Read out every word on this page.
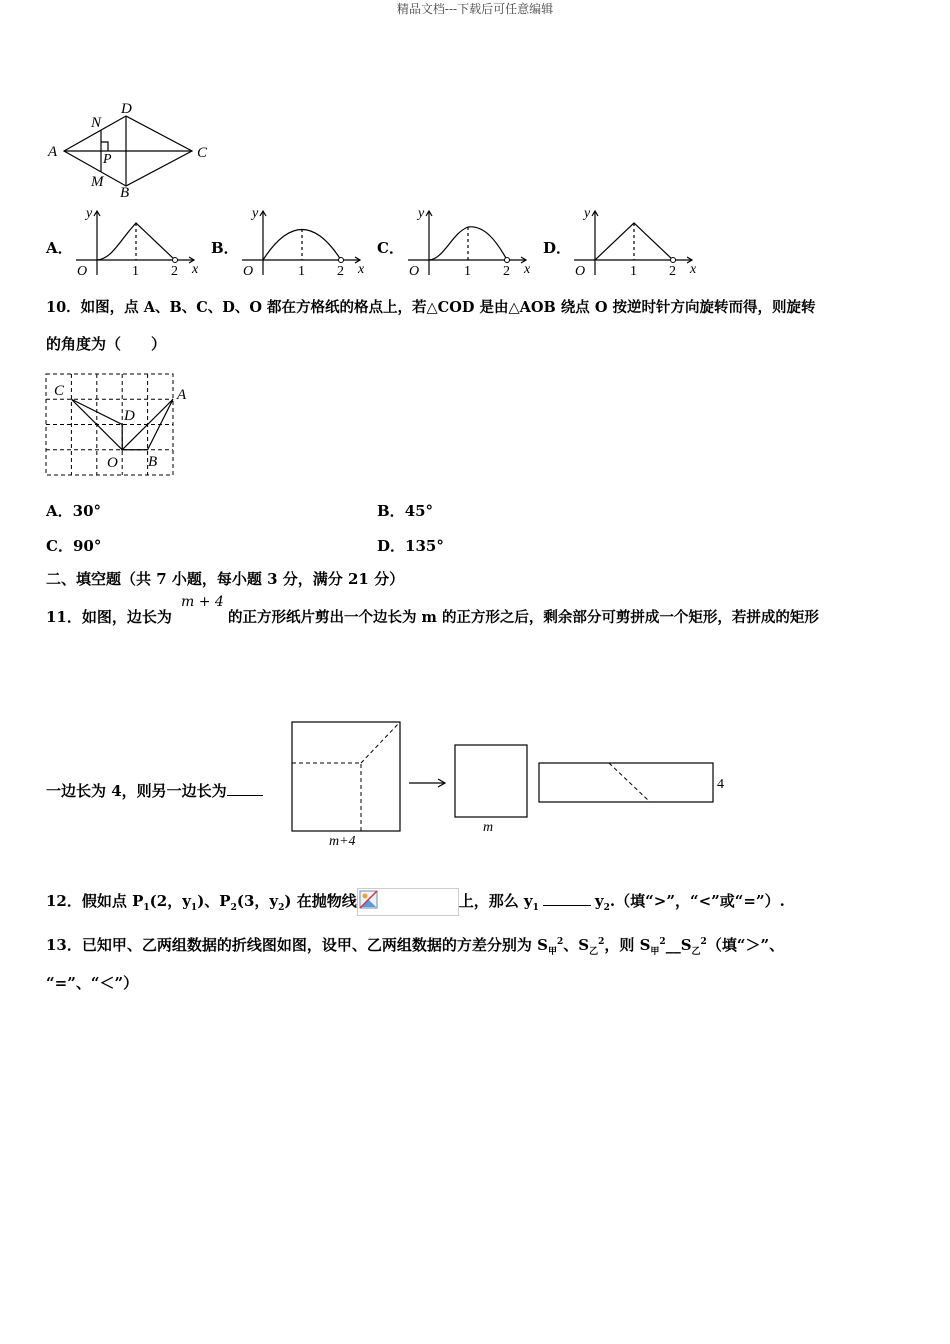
精品文档---下载后可任意编辑
A
B
C
D
N
M
P
A．
y
O	1 2 x
B．
y
O	1 2 x
C．
y
O	1 2 x
D．
y
O	1 2 x
10．如图，点 A、B、C、D、O 都在方格纸的格点上，若△COD 是由△AOB 绕点 O 按逆时针方向旋转而得，则旋转
的角度为（　　）
C	A
D
O B
A．30°	B．45°
C．90°	D．135°
二、填空题（共 7 小题，每小题 3 分，满分 21 分）
11．如图，边长为
m + 4
的正方形纸片剪出一个边长为 m 的正方形之后，剩余部分可剪拼成一个矩形，若拼成的矩形
一边长为 4，则另一边长为
m+4
m
4
12．假如点 $P_1(2$，$y_1$)、$P_2(3$，$y_2$) 在抛物线	上，那么 $y_1$	$y_2$.（填“>”，“<”或“=”）.
13．已知甲、乙两组数据的折线图如图，设甲、乙两组数据的方差分别为 $S_甲^2$、$S_乙^2$，则 $S_甲^2\_\_S_乙^2$（填“＞”、
“=”、“＜”）
